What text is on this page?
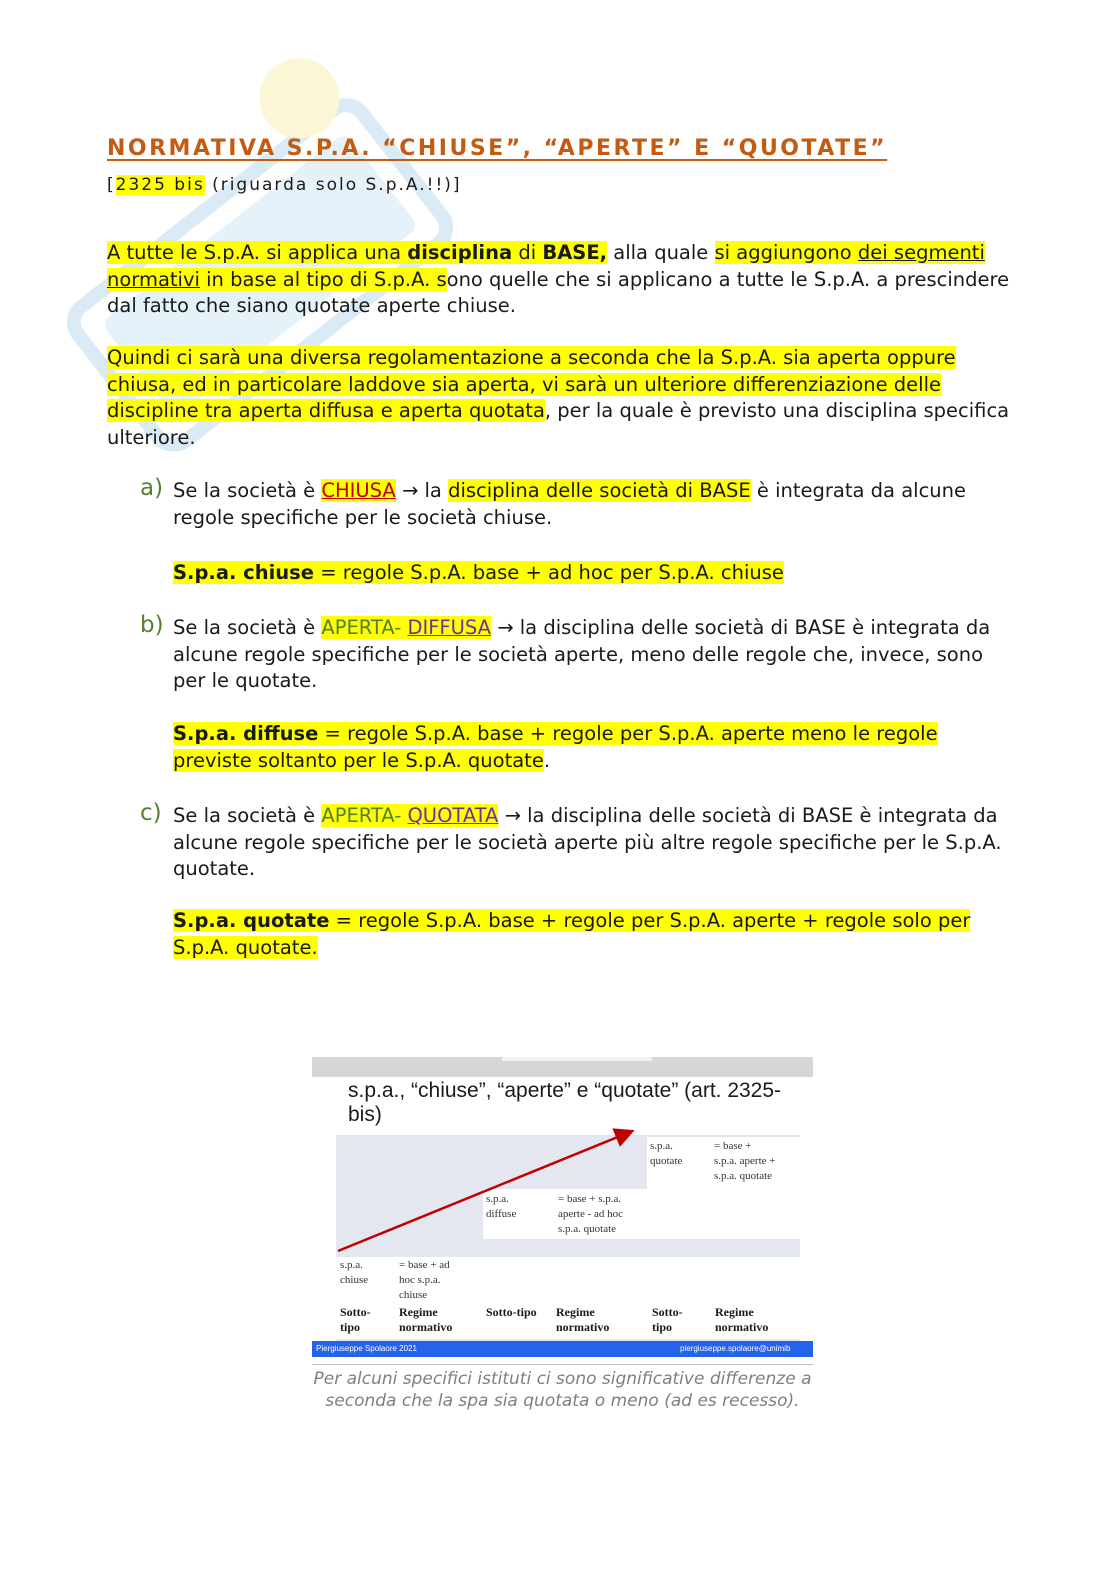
NORMATIVA S.P.A. “CHIUSE”, “APERTE” E “QUOTATE”
[2325 bis (riguarda solo S.p.A.!!)]

A tutte le S.p.A. si applica una disciplina di BASE, alla quale si aggiungono dei segmenti normativi in base al tipo di S.p.A. sono quelle che si applicano a tutte le S.p.A. a prescindere dal fatto che siano quotate aperte chiuse.

Quindi ci sarà una diversa regolamentazione a seconda che la S.p.A. sia aperta oppure chiusa, ed in particolare laddove sia aperta, vi sarà un ulteriore differenziazione delle discipline tra aperta diffusa e aperta quotata, per la quale è previsto una disciplina specifica ulteriore.

a) Se la società è CHIUSA → la disciplina delle società di BASE è integrata da alcune regole specifiche per le società chiuse.
S.p.a. chiuse = regole S.p.A. base + ad hoc per S.p.A. chiuse
b) Se la società è APERTA- DIFFUSA → la disciplina delle società di BASE è integrata da alcune regole specifiche per le società aperte, meno delle regole che, invece, sono per le quotate.
S.p.a. diffuse = regole S.p.A. base + regole per S.p.A. aperte meno le regole previste soltanto per le S.p.A. quotate.
c) Se la società è APERTA- QUOTATA → la disciplina delle società di BASE è integrata da alcune regole specifiche per le società aperte più altre regole specifiche per le S.p.A. quotate.
S.p.a. quotate = regole S.p.A. base + regole per S.p.A. aperte + regole solo per S.p.A. quotate.
s.p.a., “chiuse”, “aperte” e “quotate” (art. 2325-bis)
s.p.a.
quotate
= base +
s.p.a. aperte +
s.p.a. quotate
s.p.a.
diffuse
= base + s.p.a.
aperte - ad hoc
s.p.a. quotate
s.p.a.
chiuse
= base + ad
hoc s.p.a.
chiuse
Sotto-
tipo
Regime
normativo
Sotto-tipo Regime
normativo
Sotto-
tipo
Regime
normativo
Piergiuseppe Spolaore 2021	piergiuseppe.spolaore@unimib
Per alcuni specifici istituti ci sono significative differenze a seconda che la spa sia quotata o meno (ad es recesso).
